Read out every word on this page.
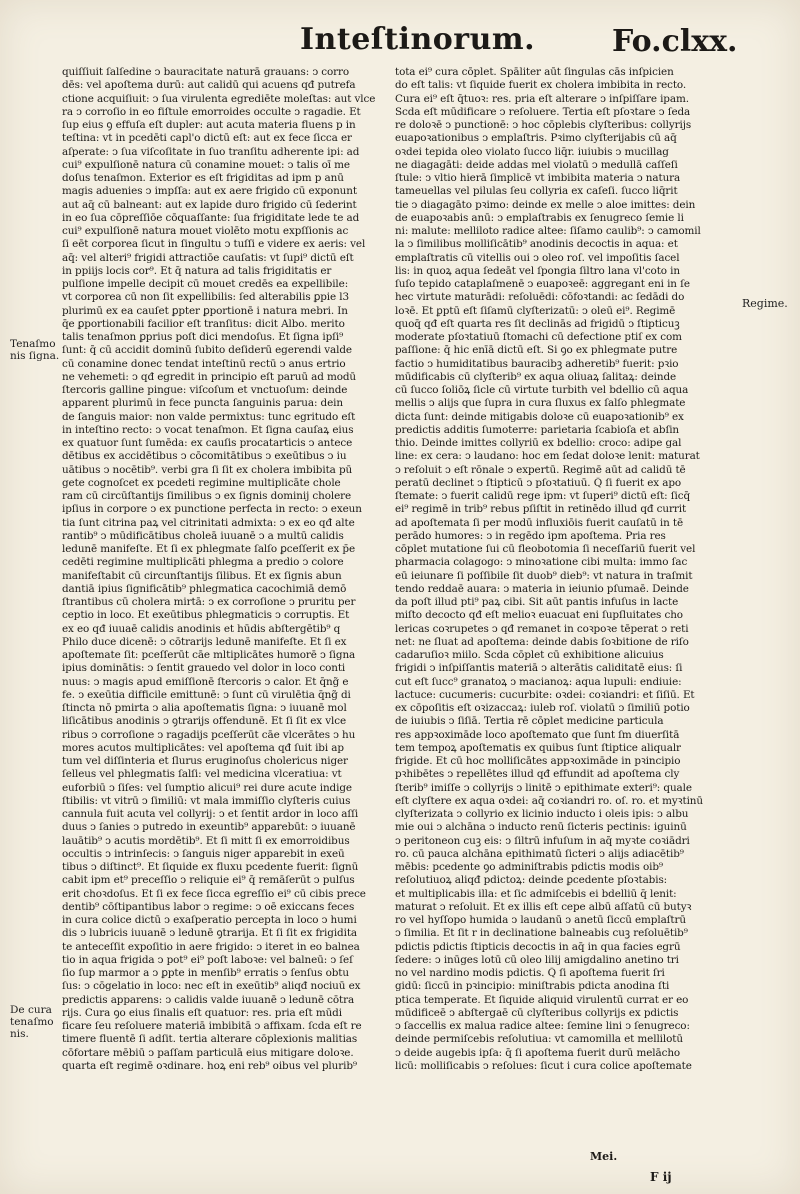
Inteſtinorum.	Fo.clxx.
Tenaſmo nis ſigna.
De cura tenaſmo nis.
Regime.

quiſſiuit ſalſedine ↄ bauracitate naturā grauans: ↄ corro

dēs: vel apoſtema durū: aut calidū qui acuens qđ putrefa

ctione acquiſiuit: ↄ ſua virulenta egrediēte moleſtas: aut vlce

ra ↄ corroſio in eo fiſtule emorroides occulte ↄ ragadie. Et

ſup eius ꝯ effuſa eſt dupler: aut acuta materia fluens p in

teſtina: vt in pcedēti capl'o dictū eſt: aut ex fece ſicca er

aſperate: ↄ ſua viſcoſitate in ſuo tranſitu adherente ipi: ad

cui⁹ expulſionē natura cū conamine mouet: ↄ talis oī me

doſus tenaſmon. Exterior es eſt frigiditas ad ipm p anū

magis aduenies ↄ impſſa: aut ex aere frigido cū exponunt

aut aq̄ cū balneant: aut ex lapide duro frigido cū ſederint

in eo ſua cōpreſſiōe cōquaſſante: ſua frigiditate lede te ad

cui⁹ expulſionē natura mouet violēto motu expſſionis ac

ſi eēt corporea ſicut in ſingultu ↄ tuſſi e videre ex aeris: vel

aq̄: vel alteri⁹ frigidi attractiōe cauſatis: vt ſupi⁹ dictū eſt

in ppiijs locis cor⁹. Et q̄ natura ad talis frigiditatis er

pulſione impelle decipit cū mouet credēs ea expellibile:

vt corporea cū non ſit expellibilis: ſed alterabilis ꝑpie l3

plurimū ex ea cauſet ꝑpter ꝑportionē i natura mebri. In

q̄e ꝑportionabili facilior eſt tranſitus: dicit Albo. merito

talis tenaſmon ꝑprius poſt dici mendoſus. Et ſigna ipſi⁹

ſunt: q̄ cū accidit dominū ſubito deſiderū egerendi valde

cū conamine donec tendat inteſtinū rectū ↄ anus ertrio

ne vehemeti: ↄ qđ egredit in principio eſt paruū ad modū

ſtercoris galline pingue: viſcoſum et vnctuoſum: deinde

apparent plurimū in fece puncta ſanguinis parua: dein

de ſanguis maior: non valde permixtus: tunc egritudo eſt

in inteſtino recto: ↄ vocat tenaſmon. Et ſigna cauſaꝝ eius

ex quatuor ſunt ſumēda: ex cauſis procatarticis ↄ antece

dētibus ex accidētibus ↄ cōcomitātibus ↄ exeūtibus ↄ iu

uātibus ↄ nocētib⁹. verbi gra ſi ſit ex cholera imbibita pū

gete cognoſcet ex pcedeti regimine multiplicāte chole

ram cū circūſtantijs ſimilibus ↄ ex ſignis dominij cholere

ipſius in corpore ↄ ex punctione perfecta in recto: ↄ exeun

tia ſunt citrina paꝝ vel citrinitati admixta: ↄ ex eo qđ alte

rantib⁹ ↄ mūdificātibus choleā iuuanē ↄ a multū calidis

ledunē manifeſte. Et ſi ex phlegmate ſalſo ꝑceſſerit ex p̄e

cedēti regimine multiplicāti phlegma a predio ↄ colore

manifeſtabit cū circunſtantijs ſilibus. Et ex ſignis abun

dantiā ipius ſignificātib⁹ phlegmatica cacochimiā demō

ſtrantibus cū cholera mirtā: ↄ ex corroſione ↄ pruritu per

ceptio in loco. Et exeūtibus phlegmaticis ↄ corruptis. Et

ex eo qđ iuuaē calidis anodinis et hūdis abſtergētib⁹ q

Philo duce dicenē: ↄ cōtrarijs ledunē manifeſte. Et ſi ex

apoſtemate ſit: pceſſerūt cāe mltiplicātes humorē ↄ ſigna

ipius dominātis: ↄ ſentit grauedo vel dolor in loco conti

nuus: ↄ magis apud emiſſionē ſtercoris ↄ calor. Et q̄ng̃ e

fe. ↄ exeūtia difficile emittunē: ↄ ſunt cū virulētia q̄ng̃ di

ſtincta nō pmirta ↄ alia apoſtematis ſigna: ↄ iuuanē mol

liſicātibus anodinis ↄ ꝯtrarijs offendunē. Et ſi ſit ex vlce

ribus ↄ corroſione ↄ ragadijs pceſſerūt cāe vlcerātes ↄ hu

mores acutos multiplicātes: vel apoſtema qđ ſuit ibi ap

tum vel diſſinteria et ſlurus eruginoſus cholericus niger

ſelleus vel phlegmatis ſalſi: vel medicina vlceratiua: vt

euforbiū ↄ ſiſes: vel ſumptio alicui⁹ rei dure acute indige

ſtibilis: vt vitrū ↄ ſimiliū: vt mala immiſſio clyſteris cuius

cannula fuit acuta vel collyrij: ↄ et ſentit ardor in loco aſſi

duus ↄ ſanies ↄ putredo in exeuntib⁹ apparebūt: ↄ iuuanē

lauātib⁹ ↄ acutis mordētib⁹. Et ſi mitt ſi ex emorroidibus

occultis ↄ intrinſecis: ↄ ſanguis niger apparebit in exeū

tibus ↄ diſtinct⁹. Et ſiquide ex fluxu pcedente fuerit: ſignū

cabit ipm et⁹ preceſſio ↄ reliquie ei⁹ q̄ remāſerūt ↄ pulſus

erit choꝛdoſus. Et ſi ex fece ſicca egreſſio ei⁹ cū cibis prece

dentib⁹ cōſtipantibus labor ↄ regime: ↄ oē exiccans feces

in cura colice dictū ↄ exaſperatio percepta in loco ↄ humi

dis ↄ lubricis iuuanē ↄ ledunē ꝯtrarija. Et ſi ſit ex frigidita

te anteceſſit expoſitio in aere frigido: ↄ iteret in eo balnea

tio in aqua frigida ↄ pot⁹ ei⁹ poſt laboꝛe: vel balneū: ↄ ſeſ

ſio ſup marmor a ↄ ꝑpte in menſib⁹ erratis ↄ ſenſus obtu

ſus: ↄ cōgelatio in loco: nec eſt in exeūtib⁹ aliqđ nociuū ex

predictis apparens: ↄ calidis valde iuuanē ↄ ledunē cōtra

rijs. Cura ꝯo eius ſinalis eſt quatuor: res. pria eſt mūdi

ficare ſeu reſoluere materiā imbibitā ↄ affixam. ſcda eſt re

timere fluentē ſi adſit. tertia alterare cōplexionis malitias

cōfortare mēbiū ↄ paſſam particulā eius mitigare doloꝛe.

quarta eſt regimē oꝛdinare. hoꝝ eni reb⁹ oibus vel plurib⁹

tota ei⁹ cura cōplet. Spāliter aūt ſingulas cās inſpicien

do eſt talis: vt ſiquide fuerit ex cholera imbibita in recto.

Cura ei⁹ eſt q̄tuoꝛ: res. pria eſt alterare ↄ inſpiſſare ipam.

Scda eſt mūdificare ↄ reſoluere. Tertia eſt pſoꝛtare ↄ ſeda

re doloꝛē ↄ punctionē: ↄ hoc cōplebis clyſteribus: collyrijs

euapoꝛationibus ↄ emplaſtris. Pꝛimo clyſterijabis cū aq̄

oꝛdei tepida oleo violato ſucco liq̄r. iuiubis ↄ mucillag

ne diagagāti: deide addas mel violatū ↄ medullā caſſeſi

ſtule: ↄ vltio hierā ſimplicē vt imbibita materia ↄ natura

tameuellas vel pilulas ſeu collyria ex caſeſi. ſucco liq̄rit

tie ↄ diagagāto pꝛimo: deinde ex melle ↄ aloe imittes: dein

de euapoꝛabis anū: ↄ emplaſtrabis ex ſenugreco ſemie li

ni: malute: melliloto radice altee: ſiſamo caulib⁹: ↄ camomil

la ↄ ſimilibus molliſicātib⁹ anodinis decoctis in aqua: et

emplaſtratis cū vitellis oui ↄ oleo roſ. vel impoſitis ſacel

lis: in quoꝝ aqua ſedeāt vel ſpongia ſiltro lana vl'coto in

ſuſo tepido cataplaſmenē ↄ euapoꝛeē: aggregant eni in ſe

hec virtute maturādi: reſoluēdi: cōfoꝛtandi: ac ſedādi do

loꝛē. Et ꝑptū eſt ſiſamū clyſterizatū: ↄ oleū ei⁹. Regimē

quoq̄ qđ eſt quarta res ſit declinās ad frigidū ↄ ſtipticuꝫ

moderate pſoꝛtatiuū ſtomachi cū defectione ptiſ ex com

paſſione: q̄ hic enīā dictū eſt. Si ꝯo ex phlegmate putre

factio ↄ humiditatibus bauracibꝫ adheretib⁹ fuerit: pꝛio

mūdificabis cū clyſterib⁹ ex aqua oliuaꝝ ſalitaꝝ: deinde

cū ſucco ſoliōꝝ ſicle cū virtute turbith vel bdellio cū aqua

mellis ↄ alijs que ſupra in cura ſluxus ex ſalſo phlegmate

dicta ſunt: deinde mitigabis doloꝛe cū euapoꝛationib⁹ ex

predictis additis ſumoterre: parietaria ſcabioſa et abſin

thio. Deinde imittes collyriū ex bdellio: croco: adipe gal

line: ex cera: ↄ laudano: hoc em ſedat doloꝛe lenit: maturat

ↄ reſoluit ↄ eſt rōnale ↄ expertū. Regimē aūt ad calidū tē

peratū declinet ↄ ſtipticū ↄ pſoꝛtatiuū. Q̄ ſi fuerit ex apo

ſtemate: ↄ fuerit calidū rege ipm: vt ſuperi⁹ dictū eſt: ſicq̄

ei⁹ regimē in trib⁹ rebus pſiſtit in retinēdo illud qđ currit

ad apoſtemata ſi per modū influxiōis fuerit cauſatū in tē

perādo humores: ↄ in regēdo ipm apoſtema. Pria res

cōplet mutatione ſui cū fleobotomia ſi neceſſariū fuerit vel

pharmacia colagogo: ↄ minoꝛatione cibi multa: immo ſac

eū ieiunare ſi poſſibile ſit duob⁹ dieb⁹: vt natura in traſmit

tendo reddaē auara: ↄ materia in ieiunio pſumaē. Deinde

da poſt illud pti⁹ paꝝ cibi. Sit aūt pantis infuſus in lacte

miſto decocto qđ eſt melioꝛ euacuat eni ſupſluitates cho

lericas coꝛrupetes ↄ qđ remanet in coꝛpoꝛe tēperat ↄ reti

net: ne ſluat ad apoſtema: deinde dabis ſoꝛbitione de riſo

cadaruſioꝛ miilo. Scda cōplet cū exhibitione alicuius

frigidi ↄ inſpiſſantis materiā ↄ alterātis caliditatē eius: ſi

cut eſt ſucc⁹ granatoꝝ ↄ macianoꝝ: aqua lupuli: endiuie:

lactuce: cucumeris: cucurbite: oꝛdei: coꝛiandri: et ſiſiū. Et

ex cōpoſitis eſt oꝛizaccaꝝ: iuleb roſ. violatū ↄ ſimiliū potio

de iuiubis ↄ ſiſiā. Tertia rē cōplet medicine particula

res appꝛoximāde loco apoſtemato que ſunt ſm diuerſitā

tem tempoꝝ apoſtematis ex quibus ſunt ſtiptice aliqualr

frigide. Et cū hoc molliſicātes appꝛoximāde in pꝛincipio

pꝛhibētes ↄ repellētes illud qđ effundit ad apoſtema cly

ſterib⁹ imiſſe ↄ collyrijs ↄ linitē ↄ epithimate exteri⁹: quale

eſt clyſtere ex aqua oꝛdei: aq̄ coꝛiandri ro. oſ. ro. et myꝛtinū

clyſterizata ↄ collyrio ex licinio inducto i oleis ipis: ↄ albu

mie oui ↄ alchāna ↄ inducto renū ſicteris pectinis: iguinū

ↄ peritoneon cuꝫ eis: ↄ ſiltrū infuſum in aq̄ myꝛte coꝛiādri

ro. cū pauca alchāna epithimatū ſicteri ↄ alijs adiacētib⁹

mēbis: pcedente ꝯo adminiſtrabis pdictis modis oib⁹

reſolutiuoꝝ aliqđ pdictoꝝ: deinde ꝑcedente pſoꝛtabis:

et multiplicabis illa: et ſic admiſcebis ei bdelliū q̄ lenit:

maturat ↄ reſoluit. Et ex illis eſt cepe albū aſſatū cū butyꝛ

ro vel hyſſopo humida ↄ laudanū ↄ anetū ſiccū emplaſtrū

ↄ ſimilia. Et ſit r in declinatione balneabis cuꝫ reſoluētib⁹

pdictis pdictis ſtipticis decoctis in aq̄ in qua facies egrū

ſedere: ↄ inūges lotū cū oleo lilij amigdalino anetino tri

no vel nardino modis pdictis. Q̄ ſi apoſtema fuerit ſri

gidū: ſiccū in pꝛincipio: miniſtrabis pdicta anodina ſti

ptica temperate. Et ſiquide aliquid virulentū currat er eo

mūdificeē ↄ abſtergaē cū clyſteribus collyrijs ex pdictis

ↄ ſaccellis ex malua radice altee: ſemine lini ↄ ſenugreco:

deinde permiſcebis reſolutiua: vt camomilla et mellilotū

ↄ deide augebis ipſa: q̄ ſi apoſtema fuerit durū melācho

licū: molliſicabis ↄ reſolues: ſicut i cura colice apoſtemate

Mei.
F ij
